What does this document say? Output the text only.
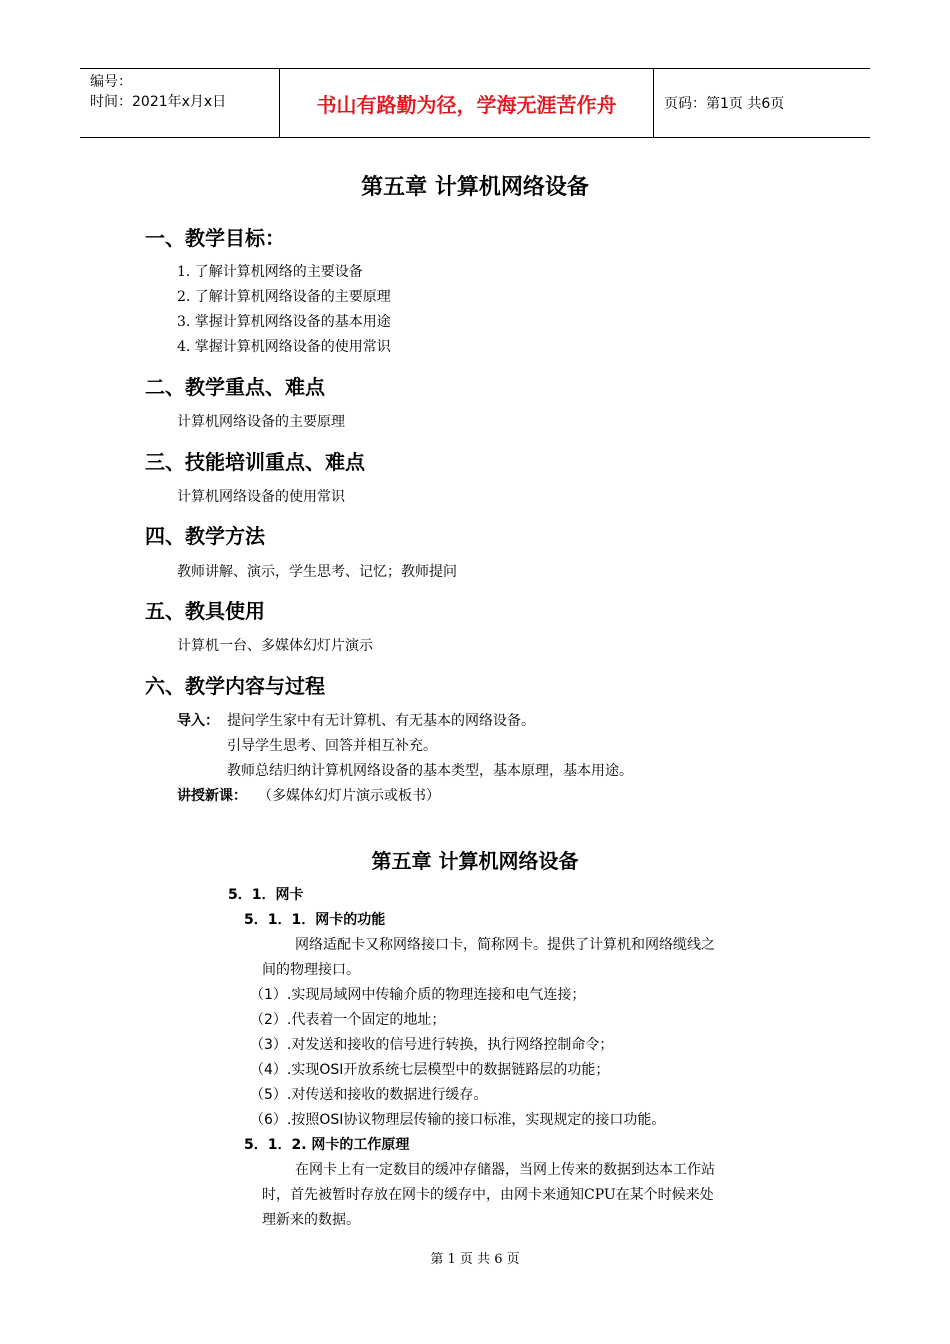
编号：
时间：2021年x月x日	书山有路勤为径，学海无涯苦作舟	页码：第1页 共6页
第五章 计算机网络设备
一、教学目标：
1. 了解计算机网络的主要设备
2. 了解计算机网络设备的主要原理
3. 掌握计算机网络设备的基本用途
4. 掌握计算机网络设备的使用常识
二、教学重点、难点
计算机网络设备的主要原理
三、技能培训重点、难点
计算机网络设备的使用常识
四、教学方法
教师讲解、演示，学生思考、记忆；教师提问
五、教具使用
计算机一台、多媒体幻灯片演示
六、教学内容与过程
导入： 提问学生家中有无计算机、有无基本的网络设备。
引导学生思考、回答并相互补充。
教师总结归纳计算机网络设备的基本类型，基本原理，基本用途。
讲授新课： （多媒体幻灯片演示或板书）
第五章 计算机网络设备
5．1．网卡
5．1．1．网卡的功能
网络适配卡又称网络接口卡，简称网卡。提供了计算机和网络缆线之
间的物理接口。
（1）.实现局域网中传输介质的物理连接和电气连接；
（2）.代表着一个固定的地址；
（3）.对发送和接收的信号进行转换，执行网络控制命令；
（4）.实现OSI开放系统七层模型中的数据链路层的功能；
（5）.对传送和接收的数据进行缓存。
（6）.按照OSI协议物理层传输的接口标准，实现规定的接口功能。
5．1．2. 网卡的工作原理
在网卡上有一定数目的缓冲存储器，当网上传来的数据到达本工作站
时，首先被暂时存放在网卡的缓存中，由网卡来通知CPU在某个时候来处
理新来的数据。
第 1 页 共 6 页
